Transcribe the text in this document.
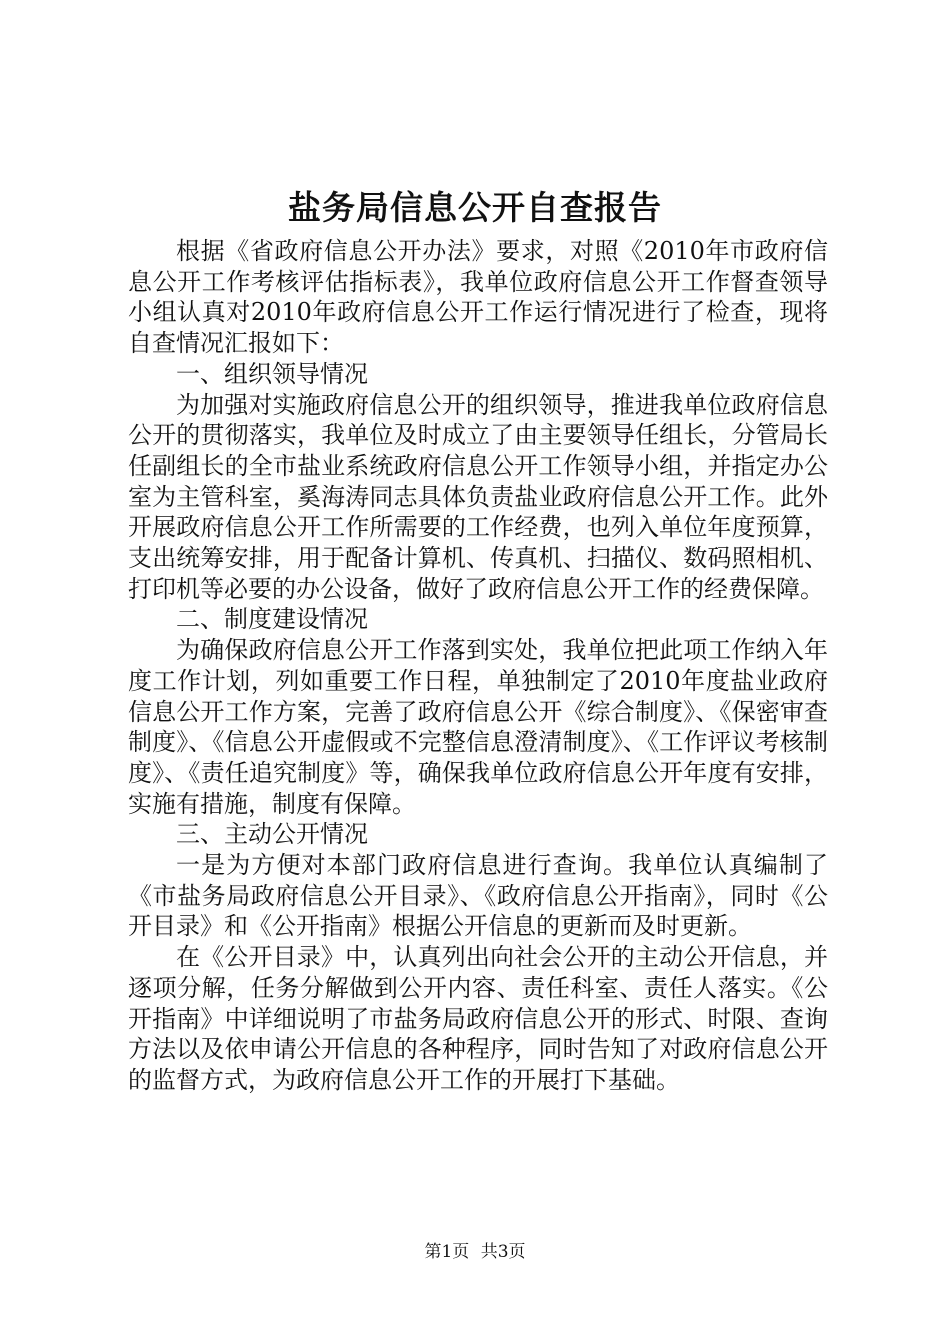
盐务局信息公开自查报告

根据《省政府信息公开办法》要求，对照《2010年市政府信息公开工作考核评估指标表》，我单位政府信息公开工作督查领导小组认真对2010年政府信息公开工作运行情况进行了检查，现将自查情况汇报如下：

一、组织领导情况

为加强对实施政府信息公开的组织领导，推进我单位政府信息公开的贯彻落实，我单位及时成立了由主要领导任组长，分管局长任副组长的全市盐业系统政府信息公开工作领导小组，并指定办公室为主管科室，奚海涛同志具体负责盐业政府信息公开工作。此外开展政府信息公开工作所需要的工作经费，也列入单位年度预算，支出统筹安排，用于配备计算机、传真机、扫描仪、数码照相机、打印机等必要的办公设备，做好了政府信息公开工作的经费保障。

二、制度建设情况

为确保政府信息公开工作落到实处，我单位把此项工作纳入年度工作计划，列如重要工作日程，单独制定了2010年度盐业政府信息公开工作方案，完善了政府信息公开《综合制度》、《保密审查制度》、《信息公开虚假或不完整信息澄清制度》、《工作评议考核制度》、《责任追究制度》等，确保我单位政府信息公开年度有安排，实施有措施，制度有保障。

三、主动公开情况

一是为方便对本部门政府信息进行查询。我单位认真编制了《市盐务局政府信息公开目录》、《政府信息公开指南》，同时《公开目录》和《公开指南》根据公开信息的更新而及时更新。

在《公开目录》中，认真列出向社会公开的主动公开信息，并逐项分解，任务分解做到公开内容、责任科室、责任人落实。《公开指南》中详细说明了市盐务局政府信息公开的形式、时限、查询方法以及依申请公开信息的各种程序，同时告知了对政府信息公开的监督方式，为政府信息公开工作的开展打下基础。

第1页 共3页
